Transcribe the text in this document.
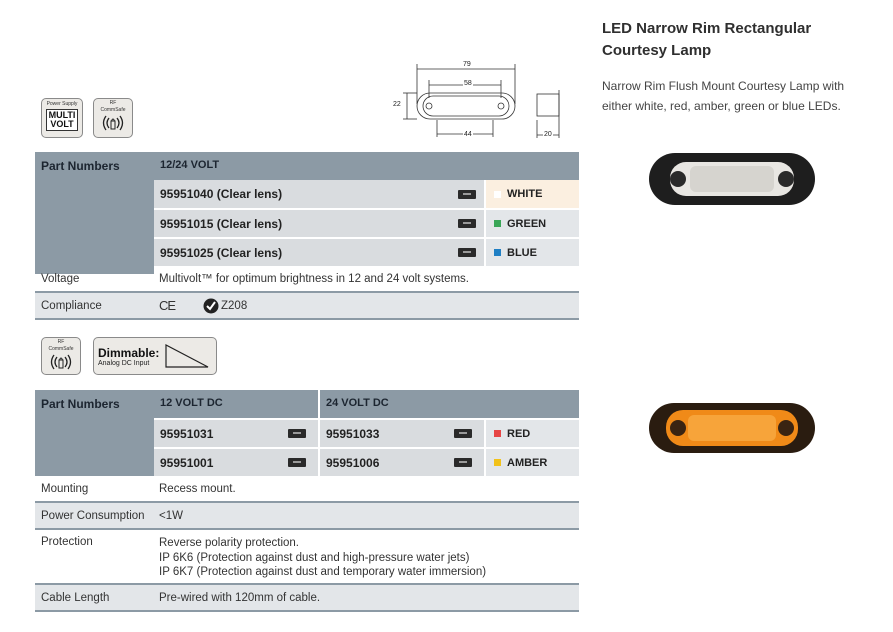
LED Narrow Rim Rectangular
Courtesy Lamp
Narrow Rim Flush Mount Courtesy Lamp with
either white, red, amber, green or blue LEDs.
79
58
44
22
20
Power Supply
MULTI
VOLT
RF
CommSafe
Part Numbers	12/24 VOLT
95951040 (Clear lens)	WHITE
95951015 (Clear lens)	GREEN
95951025 (Clear lens)	BLUE
Voltage	Multivolt™ for optimum brightness in 12 and 24 volt systems.
Compliance	CE	Z208
RF
CommSafe Dimmable:
Analog DC Input
Part Numbers	12 VOLT DC	24 VOLT DC
95951031	95951033	RED
95951001	95951006	AMBER
Mounting	Recess mount.
Power Consumption <1W
Protection	Reverse polarity protection.
IP 6K6 (Protection against dust and high-pressure water jets)
IP 6K7 (Protection against dust and temporary water immersion)
Cable Length	Pre-wired with 120mm of cable.
